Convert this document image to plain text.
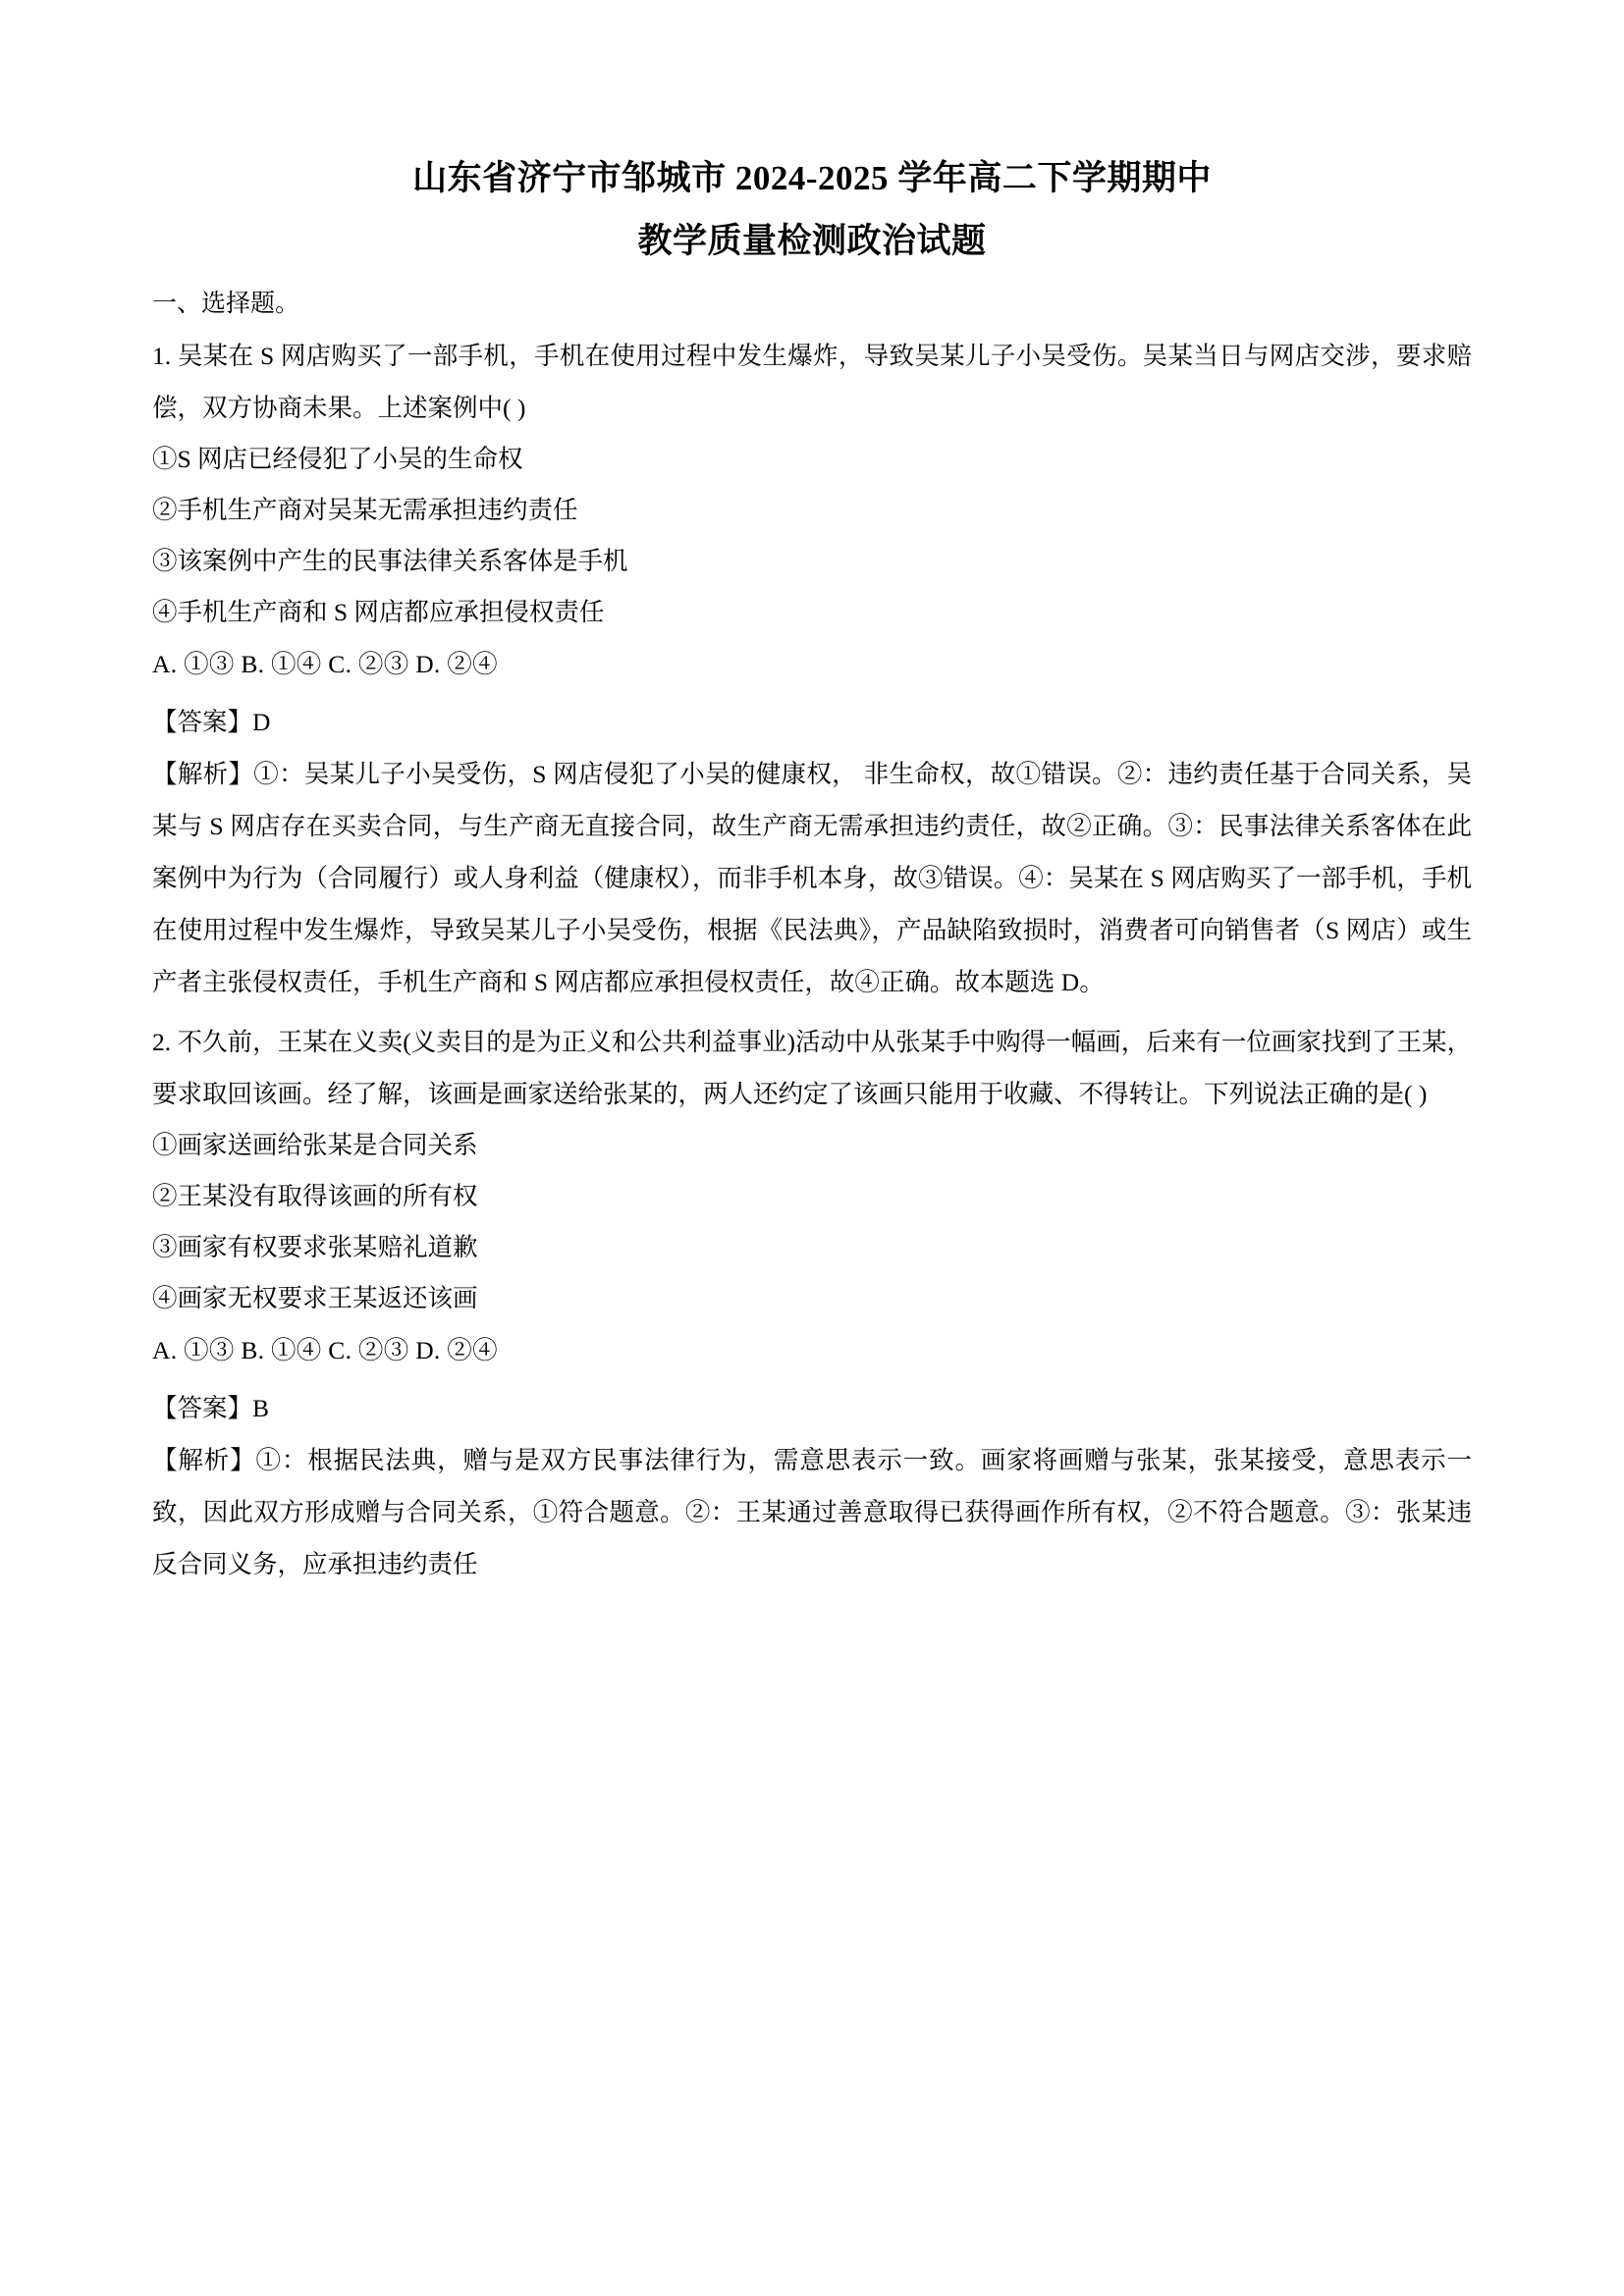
山东省济宁市邹城市 2024-2025 学年高二下学期期中
教学质量检测政治试题
一、选择题。

1. 吴某在 S 网店购买了一部手机，手机在使用过程中发生爆炸，导致吴某儿子小吴受伤。吴某当日与网店交涉，要求赔偿，双方协商未果。上述案例中( )

①S 网店已经侵犯了小吴的生命权

②手机生产商对吴某无需承担违约责任

③该案例中产生的民事法律关系客体是手机

④手机生产商和 S 网店都应承担侵权责任

A. ①③ B. ①④ C. ②③ D. ②④

【答案】D

【解析】①：吴某儿子小吴受伤，S 网店侵犯了小吴的健康权， 非生命权，故①错误。②：违约责任基于合同关系，吴某与 S 网店存在买卖合同，与生产商无直接合同，故生产商无需承担违约责任，故②正确。③：民事法律关系客体在此案例中为行为（合同履行）或人身利益（健康权），而非手机本身，故③错误。④：吴某在 S 网店购买了一部手机，手机在使用过程中发生爆炸，导致吴某儿子小吴受伤，根据《民法典》，产品缺陷致损时，消费者可向销售者（S 网店）或生产者主张侵权责任，手机生产商和 S 网店都应承担侵权责任，故④正确。故本题选 D。

2. 不久前，王某在义卖(义卖目的是为正义和公共利益事业)活动中从张某手中购得一幅画，后来有一位画家找到了王某，要求取回该画。经了解，该画是画家送给张某的，两人还约定了该画只能用于收藏、不得转让。下列说法正确的是( )

①画家送画给张某是合同关系

②王某没有取得该画的所有权

③画家有权要求张某赔礼道歉

④画家无权要求王某返还该画

A. ①③ B. ①④ C. ②③ D. ②④

【答案】B

【解析】①：根据民法典，赠与是双方民事法律行为，需意思表示一致。画家将画赠与张某，张某接受，意思表示一致，因此双方形成赠与合同关系，①符合题意。②：王某通过善意取得已获得画作所有权，②不符合题意。③：张某违反合同义务，应承担违约责任
